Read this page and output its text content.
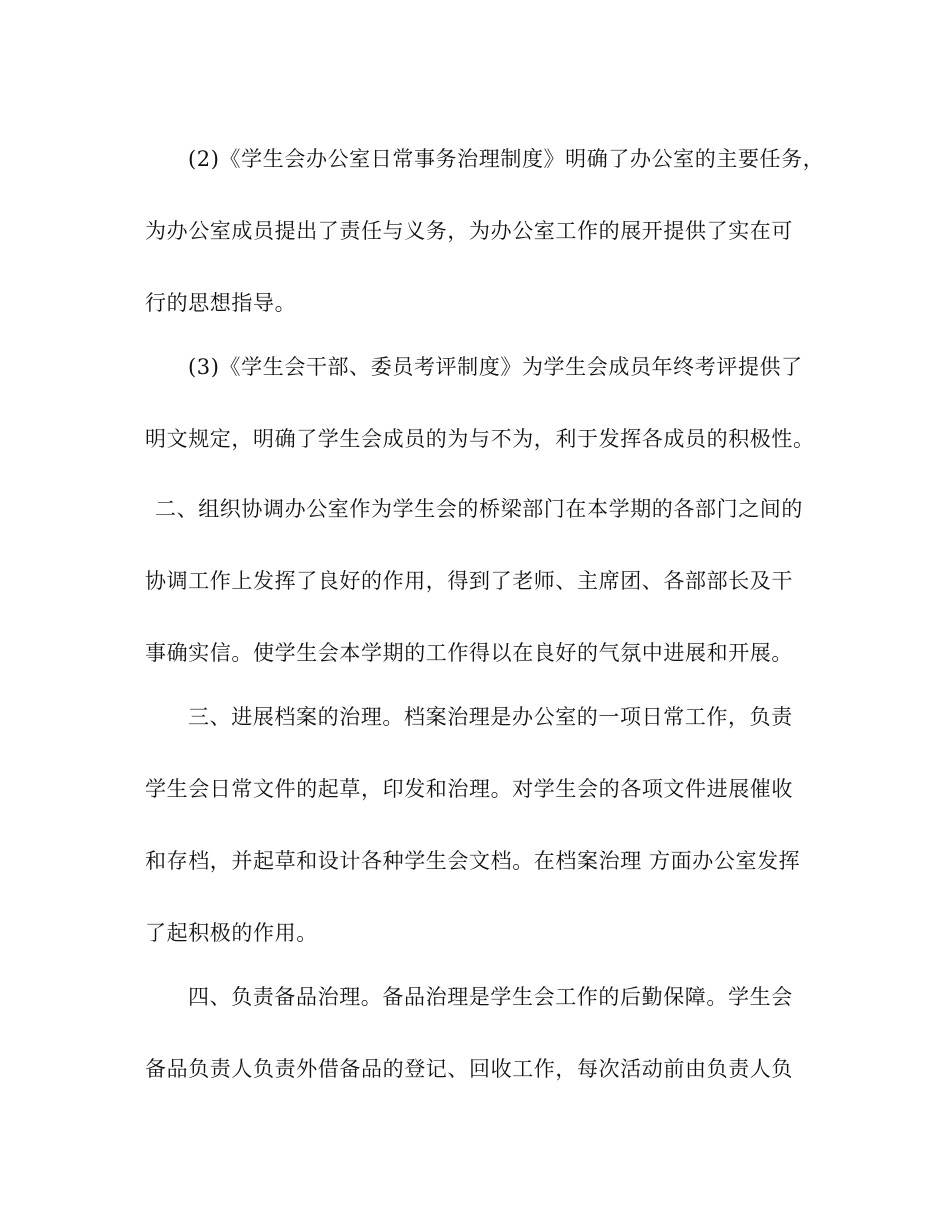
(2)《学生会办公室日常事务治理制度》明确了办公室的主要任务，
为办公室成员提出了责任与义务，为办公室工作的展开提供了实在可
行的思想指导。
(3)《学生会干部、委员考评制度》为学生会成员年终考评提供了
明文规定，明确了学生会成员的为与不为，利于发挥各成员的积极性。
二、组织协调办公室作为学生会的桥梁部门在本学期的各部门之间的
协调工作上发挥了良好的作用，得到了老师、主席团、各部部长及干
事确实信。使学生会本学期的工作得以在良好的气氛中进展和开展。
三、进展档案的治理。档案治理是办公室的一项日常工作，负责
学生会日常文件的起草，印发和治理。对学生会的各项文件进展催收
和存档，并起草和设计各种学生会文档。在档案治理 方面办公室发挥
了起积极的作用。
四、负责备品治理。备品治理是学生会工作的后勤保障。学生会
备品负责人负责外借备品的登记、回收工作，每次活动前由负责人负
